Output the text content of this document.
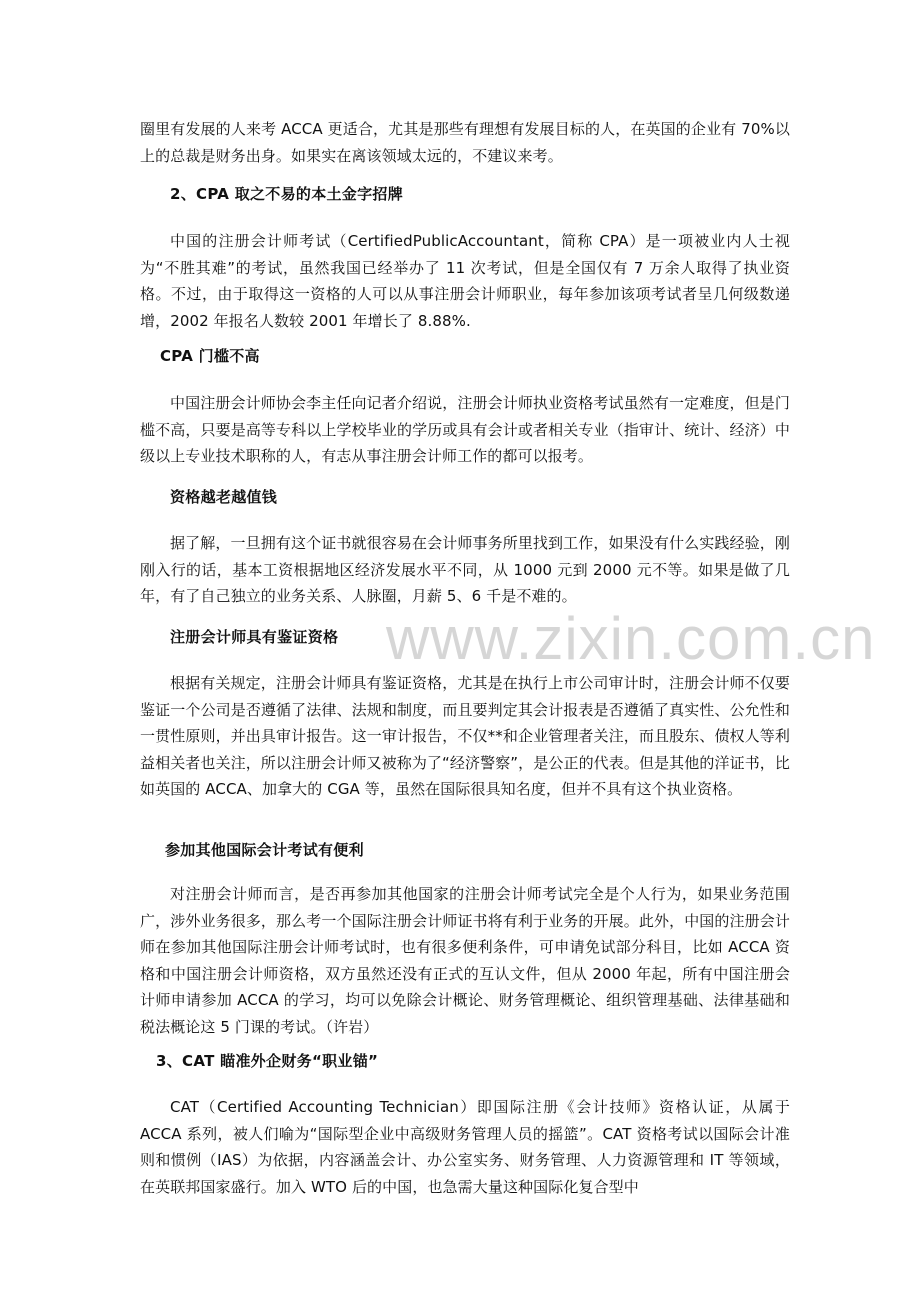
圈里有发展的人来考 ACCA 更适合，尤其是那些有理想有发展目标的人，在英国的企业有 70%以上的总裁是财务出身。如果实在离该领域太远的，不建议来考。

2、CPA 取之不易的本土金字招牌

中国的注册会计师考试（CertifiedPublicAccountant，简称 CPA）是一项被业内人士视为“不胜其难”的考试，虽然我国已经举办了 11 次考试，但是全国仅有 7 万余人取得了执业资格。不过，由于取得这一资格的人可以从事注册会计师职业，每年参加该项考试者呈几何级数递增，2002 年报名人数较 2001 年增长了 8.88%.

CPA 门槛不高

中国注册会计师协会李主任向记者介绍说，注册会计师执业资格考试虽然有一定难度，但是门槛不高，只要是高等专科以上学校毕业的学历或具有会计或者相关专业（指审计、统计、经济）中级以上专业技术职称的人，有志从事注册会计师工作的都可以报考。

资格越老越值钱

据了解，一旦拥有这个证书就很容易在会计师事务所里找到工作，如果没有什么实践经验，刚刚入行的话，基本工资根据地区经济发展水平不同，从 1000 元到 2000 元不等。如果是做了几年，有了自己独立的业务关系、人脉圈，月薪 5、6 千是不难的。

注册会计师具有鉴证资格

根据有关规定，注册会计师具有鉴证资格，尤其是在执行上市公司审计时，注册会计师不仅要鉴证一个公司是否遵循了法律、法规和制度，而且要判定其会计报表是否遵循了真实性、公允性和一贯性原则，并出具审计报告。这一审计报告，不仅**和企业管理者关注，而且股东、债权人等利益相关者也关注，所以注册会计师又被称为了“经济警察”，是公正的代表。但是其他的洋证书，比如英国的 ACCA、加拿大的 CGA 等，虽然在国际很具知名度，但并不具有这个执业资格。

参加其他国际会计考试有便利

对注册会计师而言，是否再参加其他国家的注册会计师考试完全是个人行为，如果业务范围广，涉外业务很多，那么考一个国际注册会计师证书将有利于业务的开展。此外，中国的注册会计师在参加其他国际注册会计师考试时，也有很多便利条件，可申请免试部分科目，比如 ACCA 资格和中国注册会计师资格，双方虽然还没有正式的互认文件，但从 2000 年起，所有中国注册会计师申请参加 ACCA 的学习，均可以免除会计概论、财务管理概论、组织管理基础、法律基础和税法概论这 5 门课的考试。（许岩）

3、CAT 瞄准外企财务“职业锚”

CAT（Certified Accounting Technician）即国际注册《会计技师》资格认证，从属于 ACCA 系列，被人们喻为“国际型企业中高级财务管理人员的摇篮”。CAT 资格考试以国际会计准则和惯例（IAS）为依据，内容涵盖会计、办公室实务、财务管理、人力资源管理和 IT 等领域，在英联邦国家盛行。加入 WTO 后的中国，也急需大量这种国际化复合型中

www.zixin.com.cn
